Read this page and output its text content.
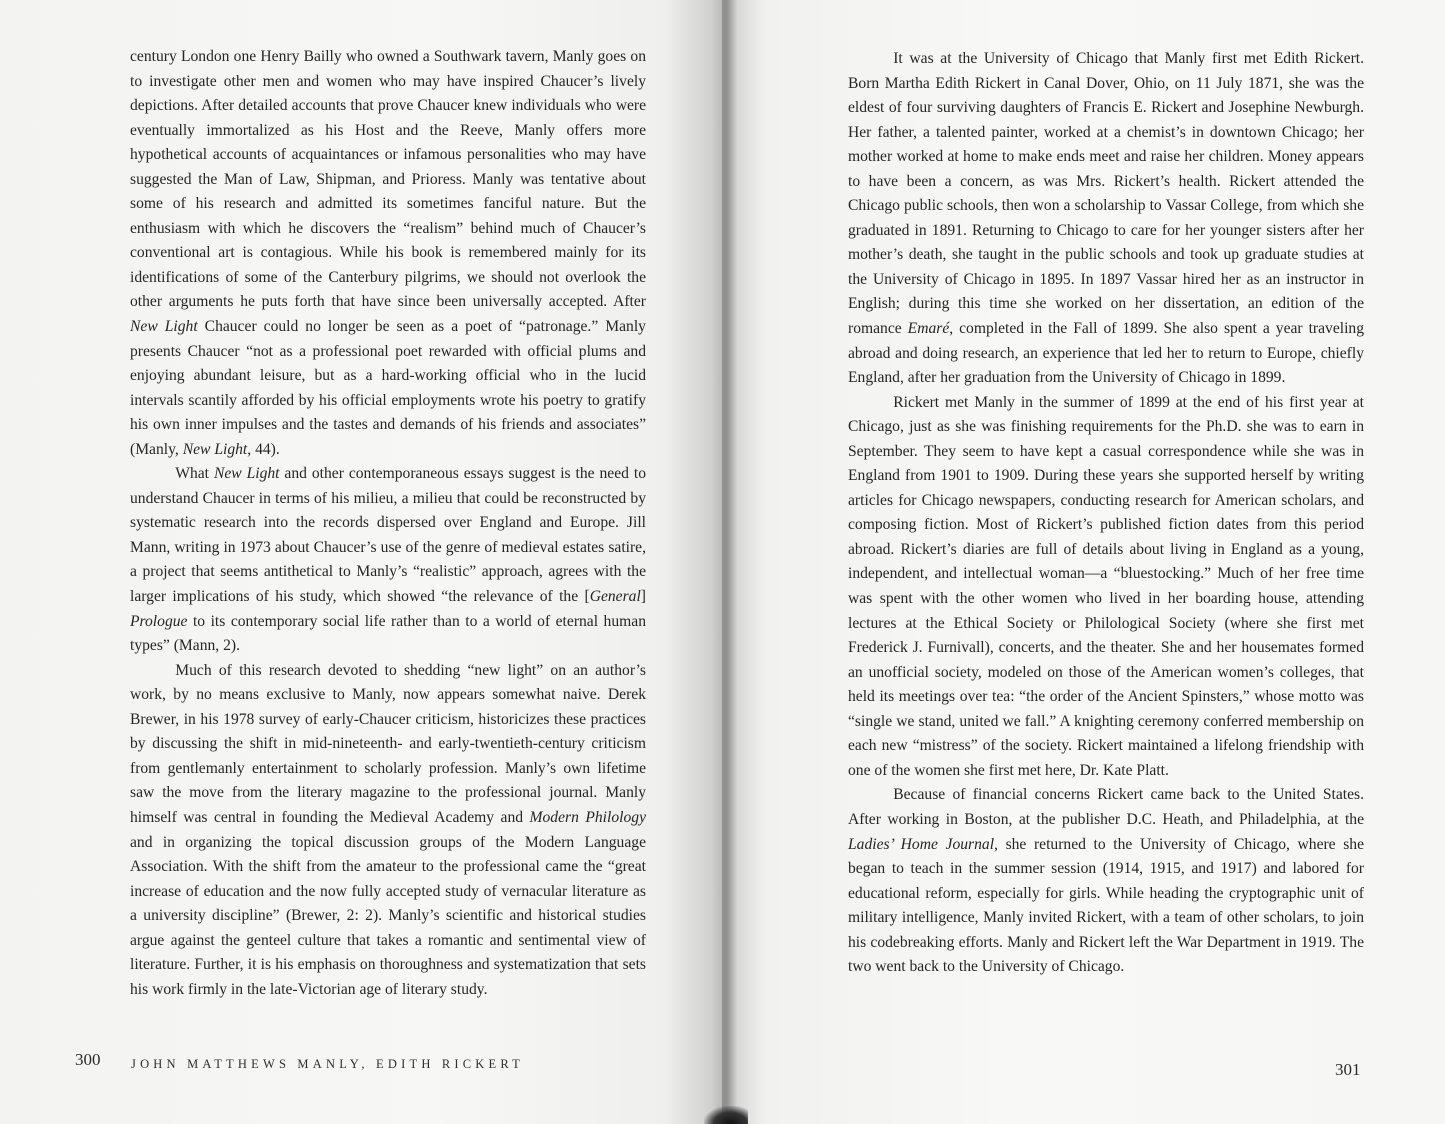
century London one Henry Bailly who owned a Southwark tavern, Manly goes on to investigate other men and women who may have inspired Chaucer’s lively depictions. After detailed accounts that prove Chaucer knew individuals who were eventually immortalized as his Host and the Reeve, Manly offers more hypothetical accounts of acquaintances or infamous personalities who may have suggested the Man of Law, Shipman, and Prioress. Manly was tentative about some of his research and admitted its sometimes fanciful nature. But the enthusiasm with which he discovers the “realism” behind much of Chaucer’s conventional art is contagious. While his book is remembered mainly for its identifications of some of the Canterbury pilgrims, we should not overlook the other arguments he puts forth that have since been universally accepted. After New Light Chaucer could no longer be seen as a poet of “patronage.” Manly presents Chaucer “not as a professional poet rewarded with official plums and enjoying abundant leisure, but as a hard-working official who in the lucid intervals scantily afforded by his official employments wrote his poetry to gratify his own inner impulses and the tastes and demands of his friends and associates” (Manly, New Light, 44).

What New Light and other contemporaneous essays suggest is the need to understand Chaucer in terms of his milieu, a milieu that could be reconstructed by systematic research into the records dispersed over England and Europe. Jill Mann, writing in 1973 about Chaucer’s use of the genre of medieval estates satire, a project that seems antithetical to Manly’s “realistic” approach, agrees with the larger implications of his study, which showed “the relevance of the [General] Prologue to its contemporary social life rather than to a world of eternal human types” (Mann, 2).

Much of this research devoted to shedding “new light” on an author’s work, by no means exclusive to Manly, now appears somewhat naive. Derek Brewer, in his 1978 survey of early-Chaucer criticism, historicizes these practices by discussing the shift in mid-nineteenth- and early-twentieth-century criticism from gentlemanly entertainment to scholarly profession. Manly’s own lifetime saw the move from the literary magazine to the professional journal. Manly himself was central in founding the Medieval Academy and Modern Philology and in organizing the topical discussion groups of the Modern Language Association. With the shift from the amateur to the professional came the “great increase of education and the now fully accepted study of vernacular literature as a university discipline” (Brewer, 2: 2). Manly’s scientific and historical studies argue against the genteel culture that takes a romantic and sentimental view of literature. Further, it is his emphasis on thoroughness and systematization that sets his work firmly in the late-Victorian age of literary study.

300 JOHN MATTHEWS MANLY, EDITH RICKERT	301

It was at the University of Chicago that Manly first met Edith Rickert. Born Martha Edith Rickert in Canal Dover, Ohio, on 11 July 1871, she was the eldest of four surviving daughters of Francis E. Rickert and Josephine Newburgh. Her father, a talented painter, worked at a chemist’s in downtown Chicago; her mother worked at home to make ends meet and raise her children. Money appears to have been a concern, as was Mrs. Rickert’s health. Rickert attended the Chicago public schools, then won a scholarship to Vassar College, from which she graduated in 1891. Returning to Chicago to care for her younger sisters after her mother’s death, she taught in the public schools and took up graduate studies at the University of Chicago in 1895. In 1897 Vassar hired her as an instructor in English; during this time she worked on her dissertation, an edition of the romance Emaré, completed in the Fall of 1899. She also spent a year traveling abroad and doing research, an experience that led her to return to Europe, chiefly England, after her graduation from the University of Chicago in 1899.

Rickert met Manly in the summer of 1899 at the end of his first year at Chicago, just as she was finishing requirements for the Ph.D. she was to earn in September. They seem to have kept a casual correspondence while she was in England from 1901 to 1909. During these years she supported herself by writing articles for Chicago newspapers, conducting research for American scholars, and composing fiction. Most of Rickert’s published fiction dates from this period abroad. Rickert’s diaries are full of details about living in England as a young, independent, and intellectual woman—a “bluestocking.” Much of her free time was spent with the other women who lived in her boarding house, attending lectures at the Ethical Society or Philological Society (where she first met Frederick J. Furnivall), concerts, and the theater. She and her housemates formed an unofficial society, modeled on those of the American women’s colleges, that held its meetings over tea: “the order of the Ancient Spinsters,” whose motto was “single we stand, united we fall.” A knighting ceremony conferred membership on each new “mistress” of the society. Rickert maintained a lifelong friendship with one of the women she first met here, Dr. Kate Platt.

Because of financial concerns Rickert came back to the United States. After working in Boston, at the publisher D.C. Heath, and Philadelphia, at the Ladies’ Home Journal, she returned to the University of Chicago, where she began to teach in the summer session (1914, 1915, and 1917) and labored for educational reform, especially for girls. While heading the cryptographic unit of military intelligence, Manly invited Rickert, with a team of other scholars, to join his codebreaking efforts. Manly and Rickert left the War Department in 1919. The two went back to the University of Chicago.
